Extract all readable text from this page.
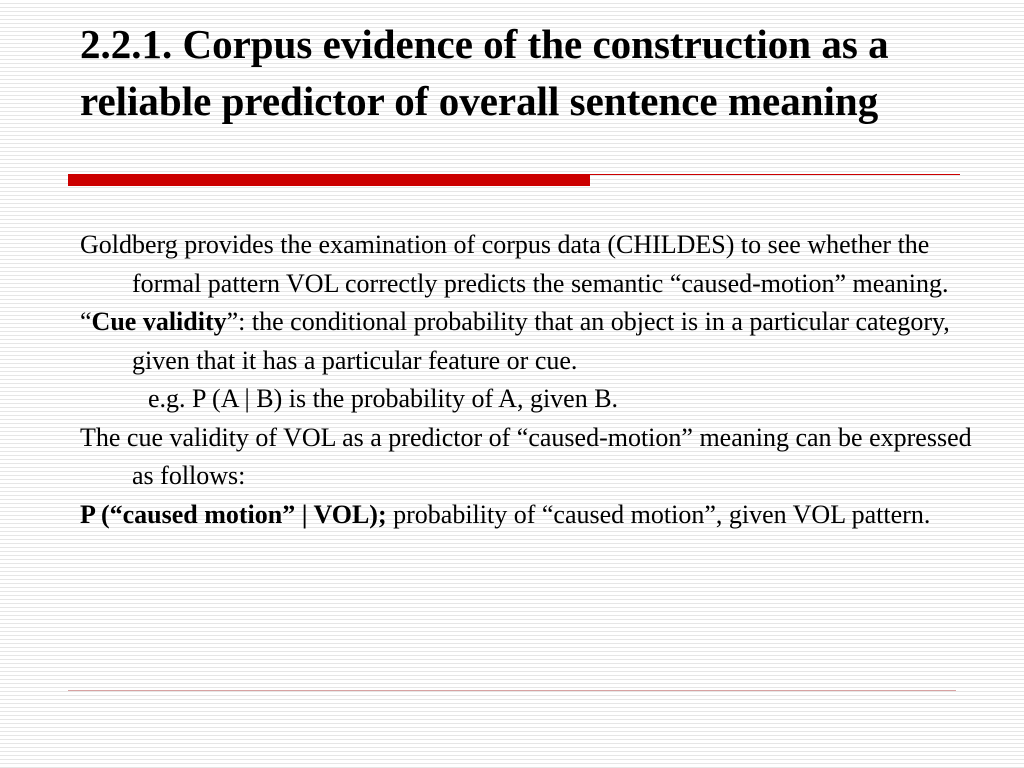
2.2.1. Corpus evidence of the construction as a reliable predictor of overall sentence meaning

Goldberg provides the examination of corpus data (CHILDES) to see whether the formal pattern VOL correctly predicts the semantic “caused-motion” meaning.

“Cue validity”: the conditional probability that an object is in a particular category, given that it has a particular feature or cue.

e.g. P (A | B) is the probability of A, given B.

The cue validity of VOL as a predictor of “caused-motion” meaning can be expressed as follows:

P (“caused motion” | VOL); probability of “caused motion”, given VOL pattern.
